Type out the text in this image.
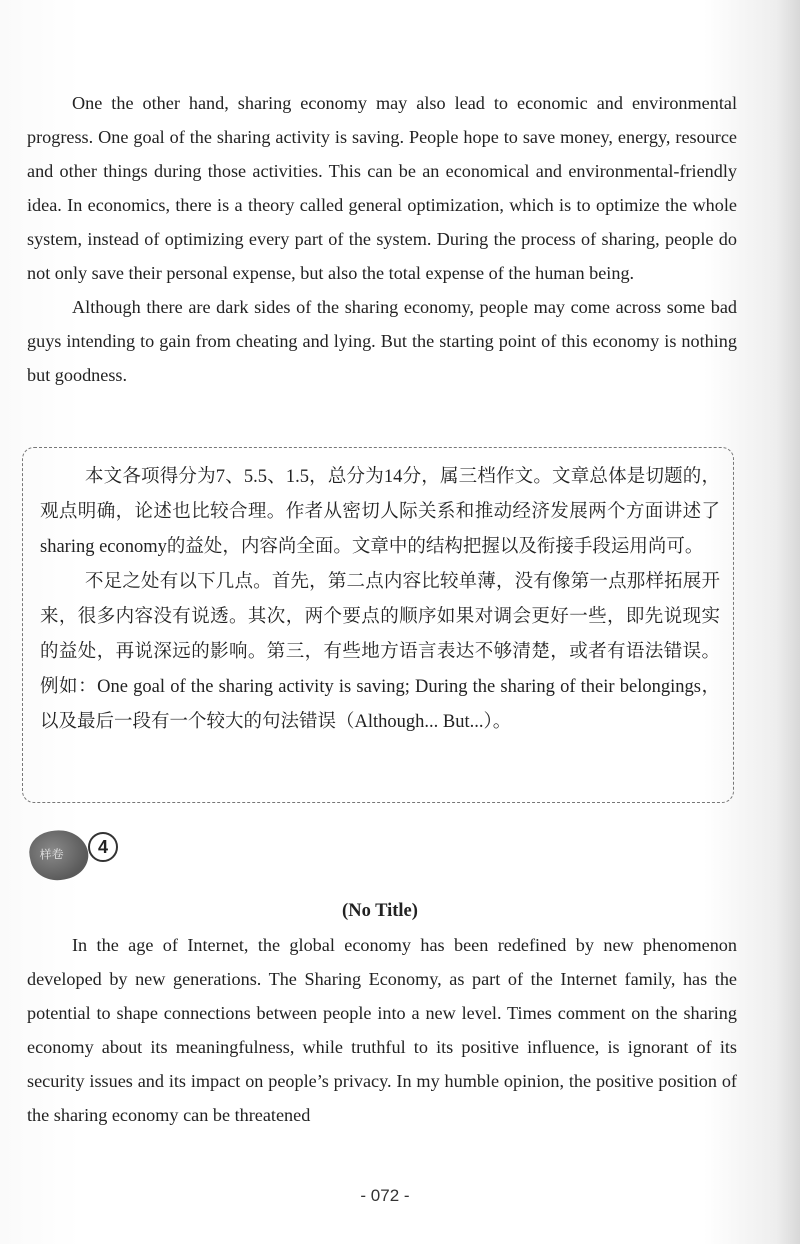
One the other hand, sharing economy may also lead to economic and environmental progress. One goal of the sharing activity is saving. People hope to save money, energy, resource and other things during those activities. This can be an economical and environmental-friendly idea. In economics, there is a theory called general optimization, which is to optimize the whole system, instead of optimizing every part of the system. During the process of sharing, people do not only save their personal expense, but also the total expense of the human being.

Although there are dark sides of the sharing economy, people may come across some bad guys intending to gain from cheating and lying. But the starting point of this economy is nothing but goodness.

本文各项得分为7、5.5、1.5，总分为14分，属三档作文。文章总体是切题的，观点明确，论述也比较合理。作者从密切人际关系和推动经济发展两个方面讲述了sharing economy的益处，内容尚全面。文章中的结构把握以及衔接手段运用尚可。

不足之处有以下几点。首先，第二点内容比较单薄，没有像第一点那样拓展开来，很多内容没有说透。其次，两个要点的顺序如果对调会更好一些，即先说现实的益处，再说深远的影响。第三，有些地方语言表达不够清楚，或者有语法错误。例如：One goal of the sharing activity is saving; During the sharing of their belongings，以及最后一段有一个较大的句法错误（Although... But...）。

样卷	4
(No Title)

In the age of Internet, the global economy has been redefined by new phenomenon developed by new generations. The Sharing Economy, as part of the Internet family, has the potential to shape connections between people into a new level. Times comment on the sharing economy about its meaningfulness, while truthful to its positive influence, is ignorant of its security issues and its impact on people’s privacy. In my humble opinion, the positive position of the sharing economy can be threatened

- 072 -
